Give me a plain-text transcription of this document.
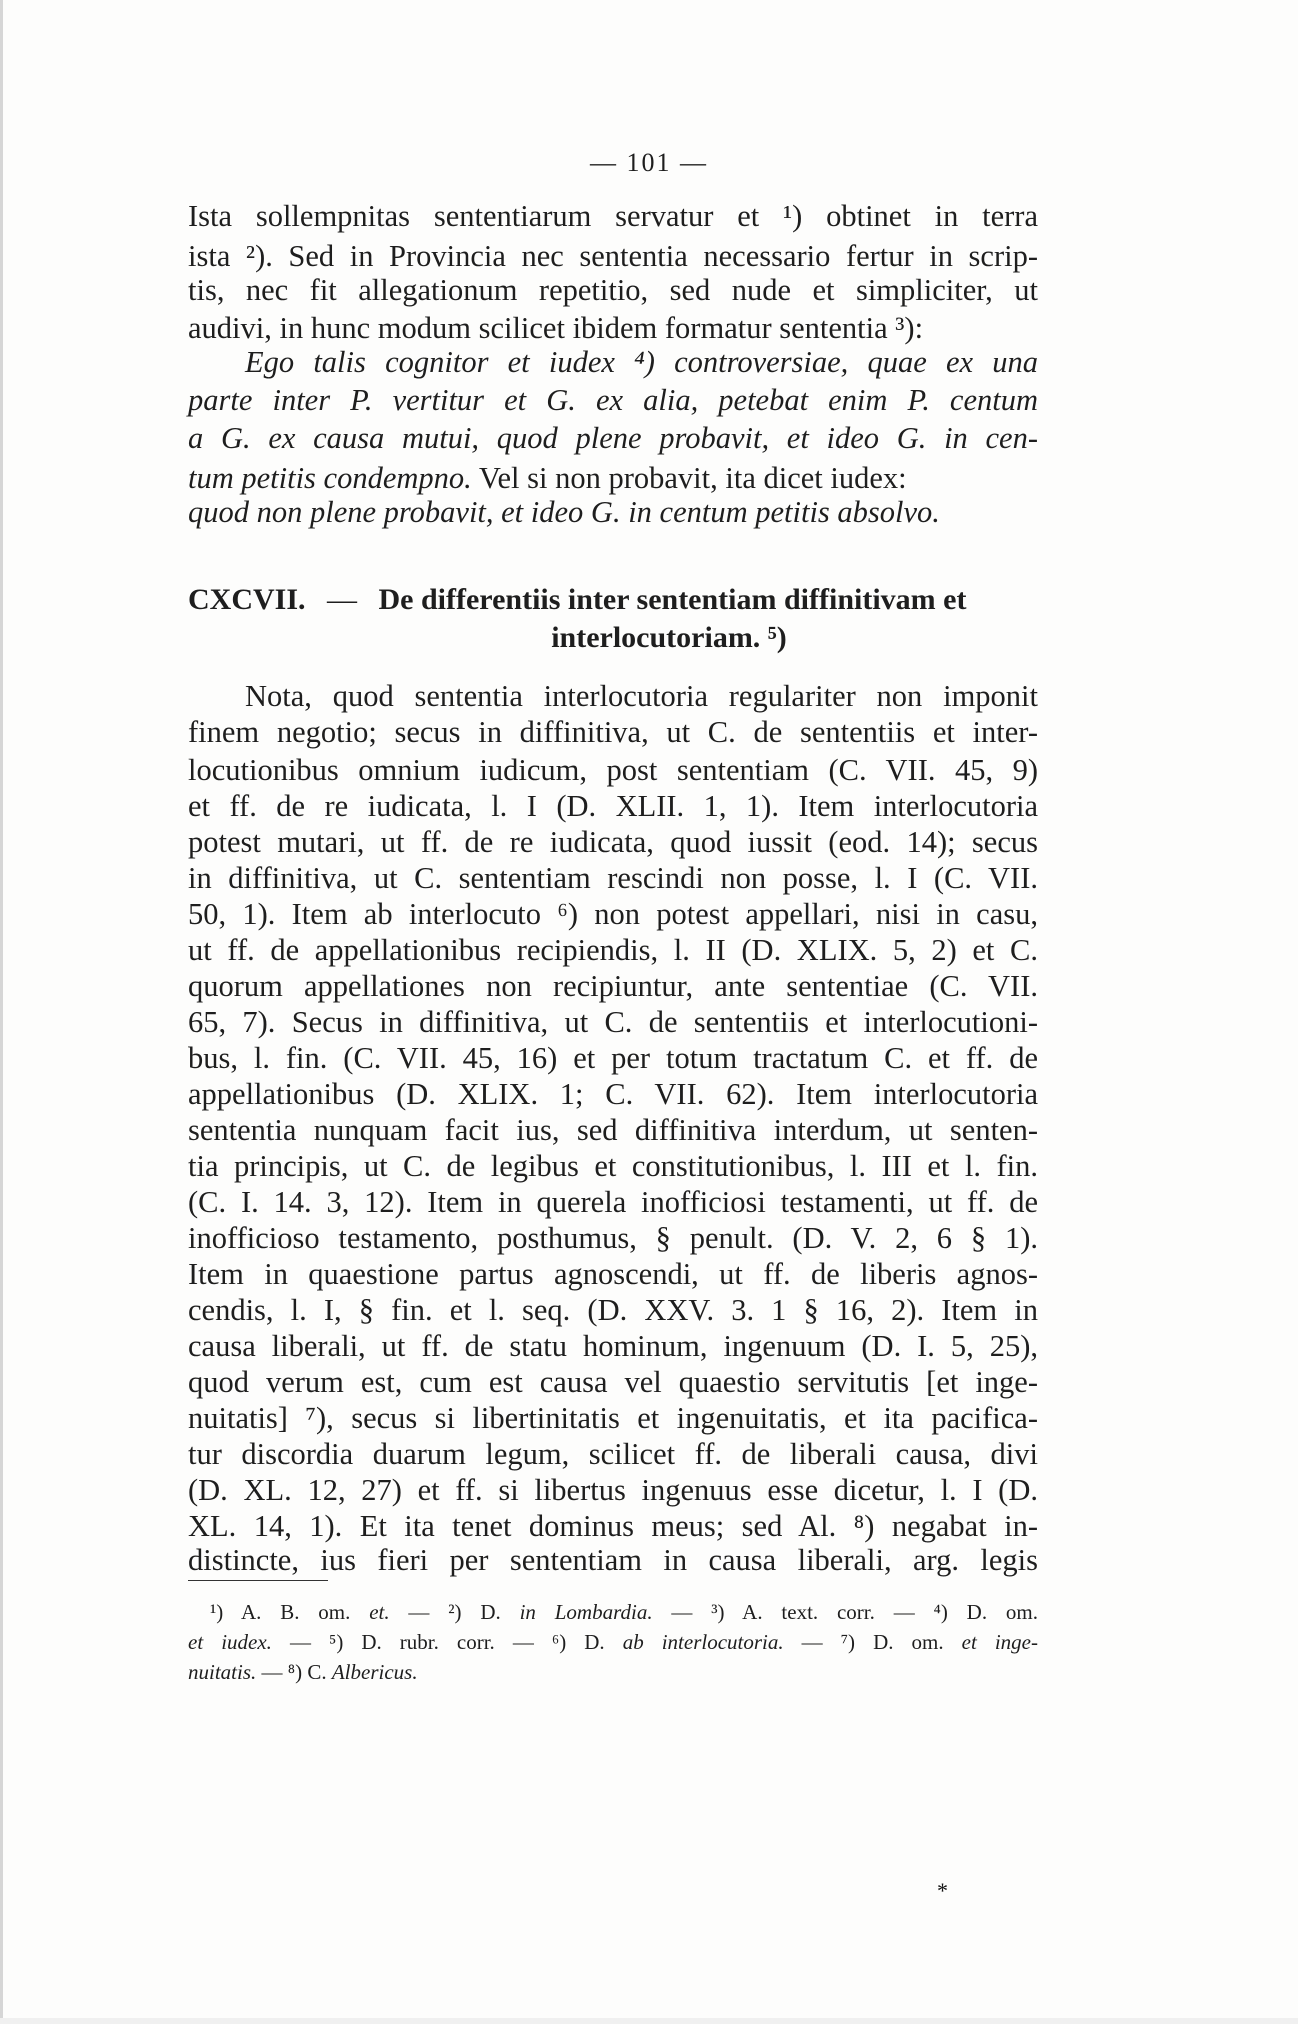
— 101 —
Ista sollempnitas sententiarum servatur et ¹) obtinet in terra
ista ²). Sed in Provincia nec sententia necessario fertur in scrip-
tis, nec fit allegationum repetitio, sed nude et simpliciter, ut
audivi, in hunc modum scilicet ibidem formatur sententia ³):
Ego talis cognitor et iudex ⁴) controversiae, quae ex una
parte inter P. vertitur et G. ex alia, petebat enim P. centum
a G. ex causa mutui, quod plene probavit, et ideo G. in cen-
tum petitis condempno. Vel si non probavit, ita dicet iudex:
quod non plene probavit, et ideo G. in centum petitis absolvo.
CXCVII. — De differentiis inter sententiam diffinitivam et
interlocutoriam. ⁵)
Nota, quod sententia interlocutoria regulariter non imponit
finem negotio; secus in diffinitiva, ut C. de sententiis et inter-
locutionibus omnium iudicum, post sententiam (C. VII. 45, 9)
et ff. de re iudicata, l. I (D. XLII. 1, 1). Item interlocutoria
potest mutari, ut ff. de re iudicata, quod iussit (eod. 14); secus
in diffinitiva, ut C. sententiam rescindi non posse, l. I (C. VII.
50, 1). Item ab interlocuto ⁶) non potest appellari, nisi in casu,
ut ff. de appellationibus recipiendis, l. II (D. XLIX. 5, 2) et C.
quorum appellationes non recipiuntur, ante sententiae (C. VII.
65, 7). Secus in diffinitiva, ut C. de sententiis et interlocutioni-
bus, l. fin. (C. VII. 45, 16) et per totum tractatum C. et ff. de
appellationibus (D. XLIX. 1; C. VII. 62). Item interlocutoria
sententia nunquam facit ius, sed diffinitiva interdum, ut senten-
tia principis, ut C. de legibus et constitutionibus, l. III et l. fin.
(C. I. 14. 3, 12). Item in querela inofficiosi testamenti, ut ff. de
inofficioso testamento, posthumus, § penult. (D. V. 2, 6 § 1).
Item in quaestione partus agnoscendi, ut ff. de liberis agnos-
cendis, l. I, § fin. et l. seq. (D. XXV. 3. 1 § 16, 2). Item in
causa liberali, ut ff. de statu hominum, ingenuum (D. I. 5, 25),
quod verum est, cum est causa vel quaestio servitutis [et inge-
nuitatis] ⁷), secus si libertinitatis et ingenuitatis, et ita pacifica-
tur discordia duarum legum, scilicet ff. de liberali causa, divi
(D. XL. 12, 27) et ff. si libertus ingenuus esse dicetur, l. I (D.
XL. 14, 1). Et ita tenet dominus meus; sed Al. ⁸) negabat in-
distincte, ius fieri per sententiam in causa liberali, arg. legis
¹) A. B. om. et. — ²) D. in Lombardia. — ³) A. text. corr. — ⁴) D. om.
et iudex. — ⁵) D. rubr. corr. — ⁶) D. ab interlocutoria. — ⁷) D. om. et inge-
nuitatis. — ⁸) C. Albericus.
*
